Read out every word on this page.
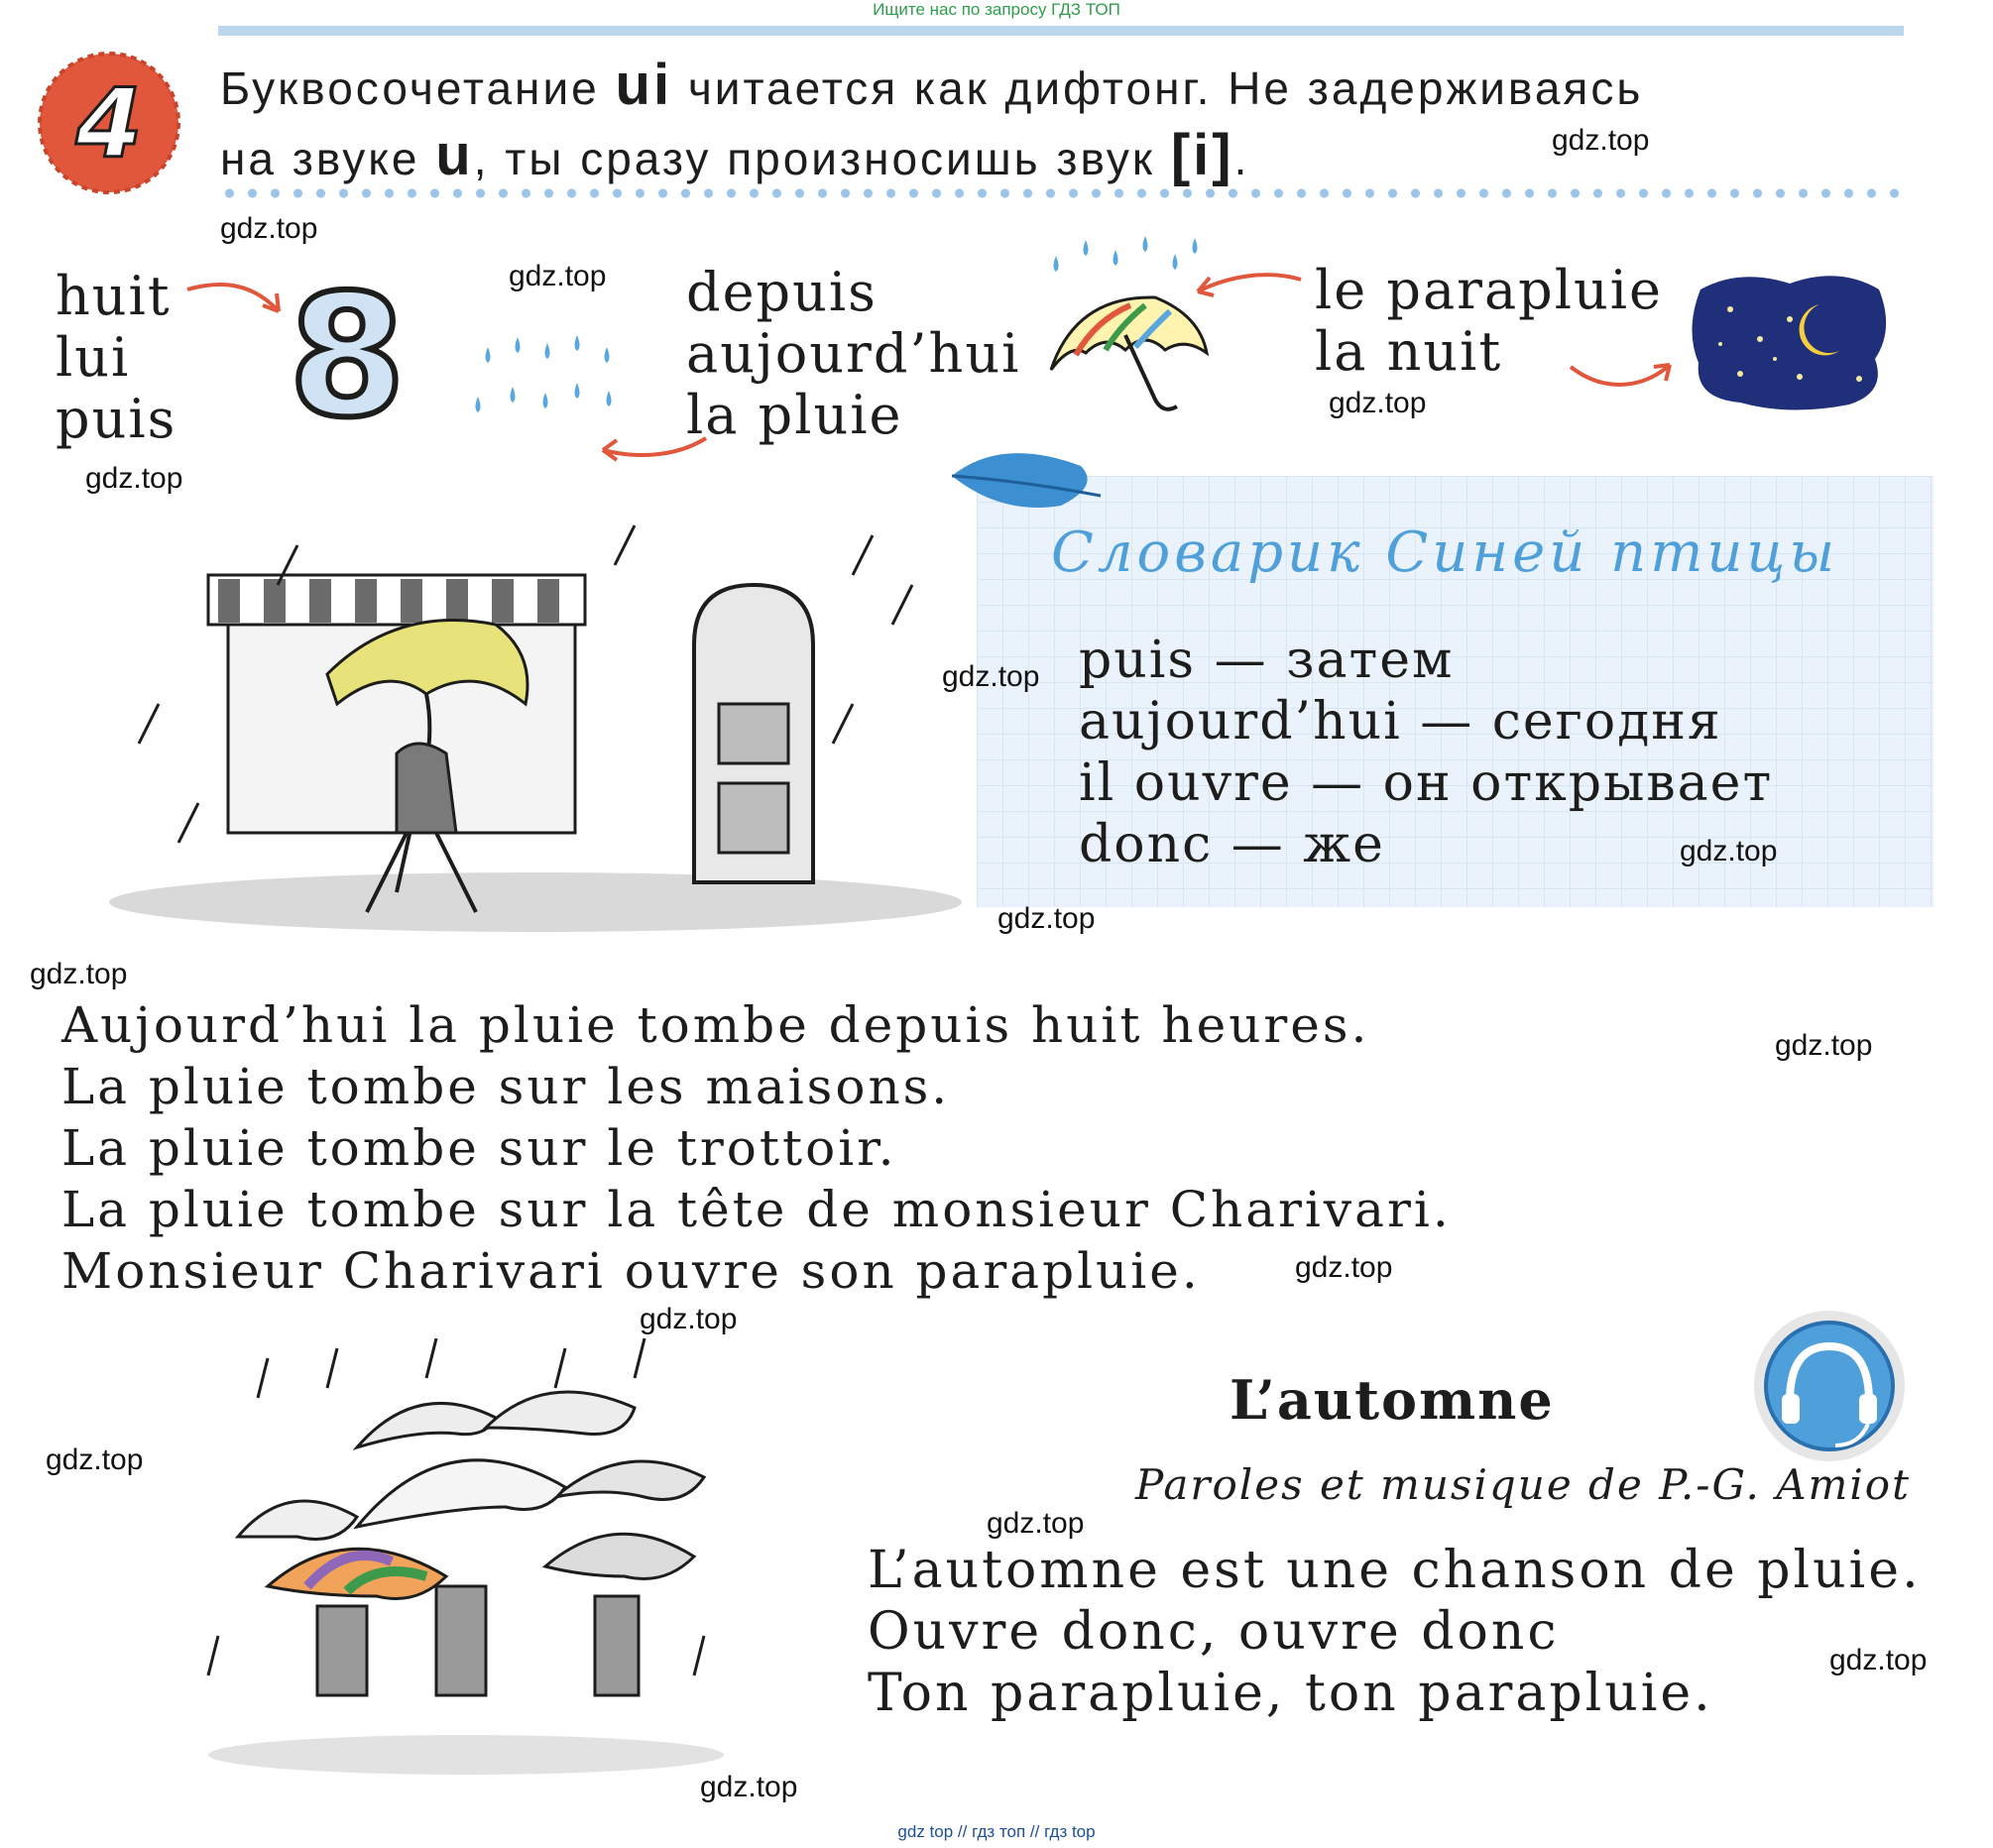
Ищите нас по запросу ГДЗ ТОП
4 Буквосочетание ui читается как дифтонг. Не задерживаясь
на звуке u, ты сразу произносишь звук [i].
huit
lui
puis 8	depuis
aujourd’hui
la pluie
le parapluie
la nuit
Словарик Синей птицы
puis — затем
aujourd’hui — сегодня
il ouvre — он открывает
donc — же
Aujourd’hui la pluie tombe depuis huit heures.
La pluie tombe sur les maisons.
La pluie tombe sur le trottoir.
La pluie tombe sur la tête de monsieur Charivari.
Monsieur Charivari ouvre son parapluie.
L’automne
Paroles et musique de P.-G. Amiot
L’automne est une chanson de pluie.
Ouvre donc, ouvre donc
Ton parapluie, ton parapluie.
gdz.top
gdz.top
gdz.top
gdz.top
gdz.top
gdz.top
gdz.top
gdz.top
gdz.top
gdz.top
gdz.top
gdz.top
gdz.top
gdz.top
gdz.top
gdz.top
gdz top // гдз топ // гдз top
